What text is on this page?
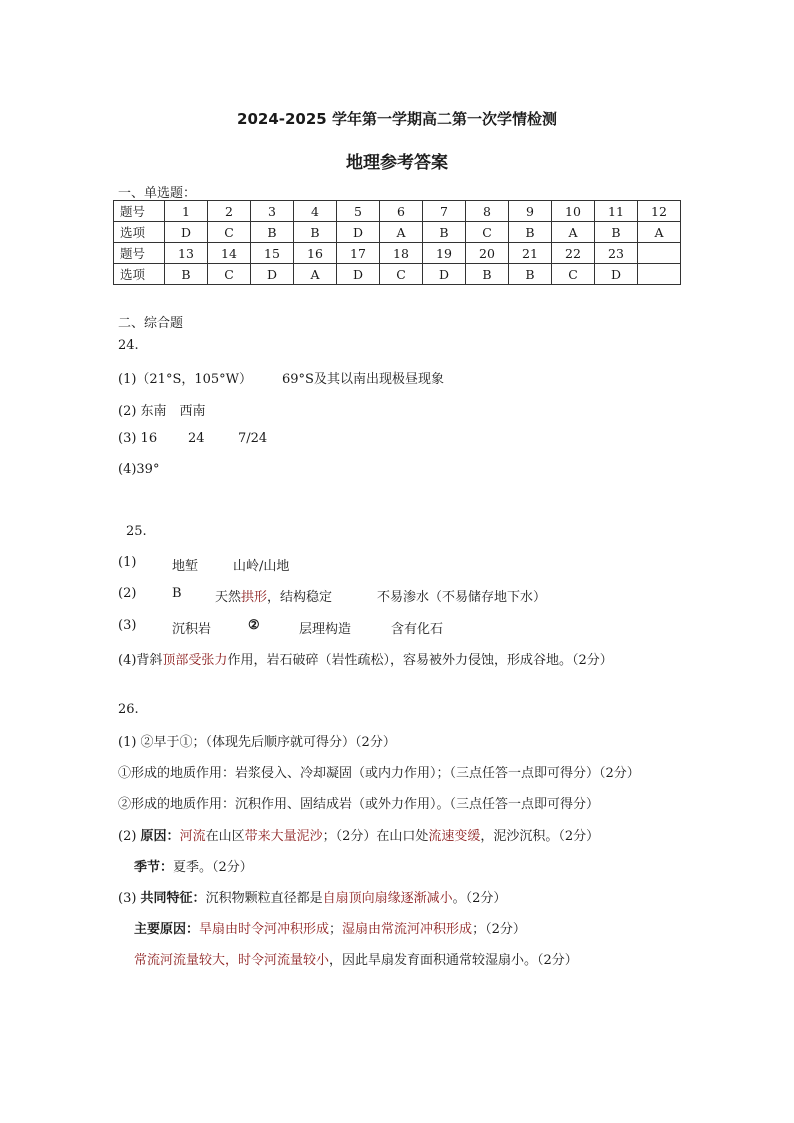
2024-2025 学年第一学期高二第一次学情检测
地理参考答案
一、单选题：
题号	1	2	3	4	5	6	7	8	9	10	11	12
选项	D	C	B	B	D	A	B	C	B	A	B	A
题号	13	14	15	16	17	18	19	20	21	22	23	
选项	B	C	D	A	D	C	D	B	B	C	D	
二、综合题
24.
(1)（21°S，105°W） 69°S及其以南出现极昼现象
(2) 东南　西南
(3) 16 24	7/24
(4)39°
25.
(1)	地堑	山岭/山地
(2)	B	天然拱形，结构稳定	不易渗水（不易储存地下水）
(3)	沉积岩	②	层理构造	含有化石
(4)背斜顶部受张力作用，岩石破碎（岩性疏松），容易被外力侵蚀，形成谷地。（2分）
26.
(1) ②早于①；（体现先后顺序就可得分）（2分）
①形成的地质作用：岩浆侵入、冷却凝固（或内力作用）；（三点任答一点即可得分）（2分）
②形成的地质作用：沉积作用、固结成岩（或外力作用）。（三点任答一点即可得分）
(2) 原因：河流在山区带来大量泥沙；（2分）在山口处流速变缓，泥沙沉积。（2分）
季节：夏季。（2分）
(3) 共同特征：沉积物颗粒直径都是自扇顶向扇缘逐渐减小。（2分）
主要原因：旱扇由时令河冲积形成；湿扇由常流河冲积形成；（2分）
常流河流量较大，时令河流量较小，因此旱扇发育面积通常较湿扇小。（2分）
